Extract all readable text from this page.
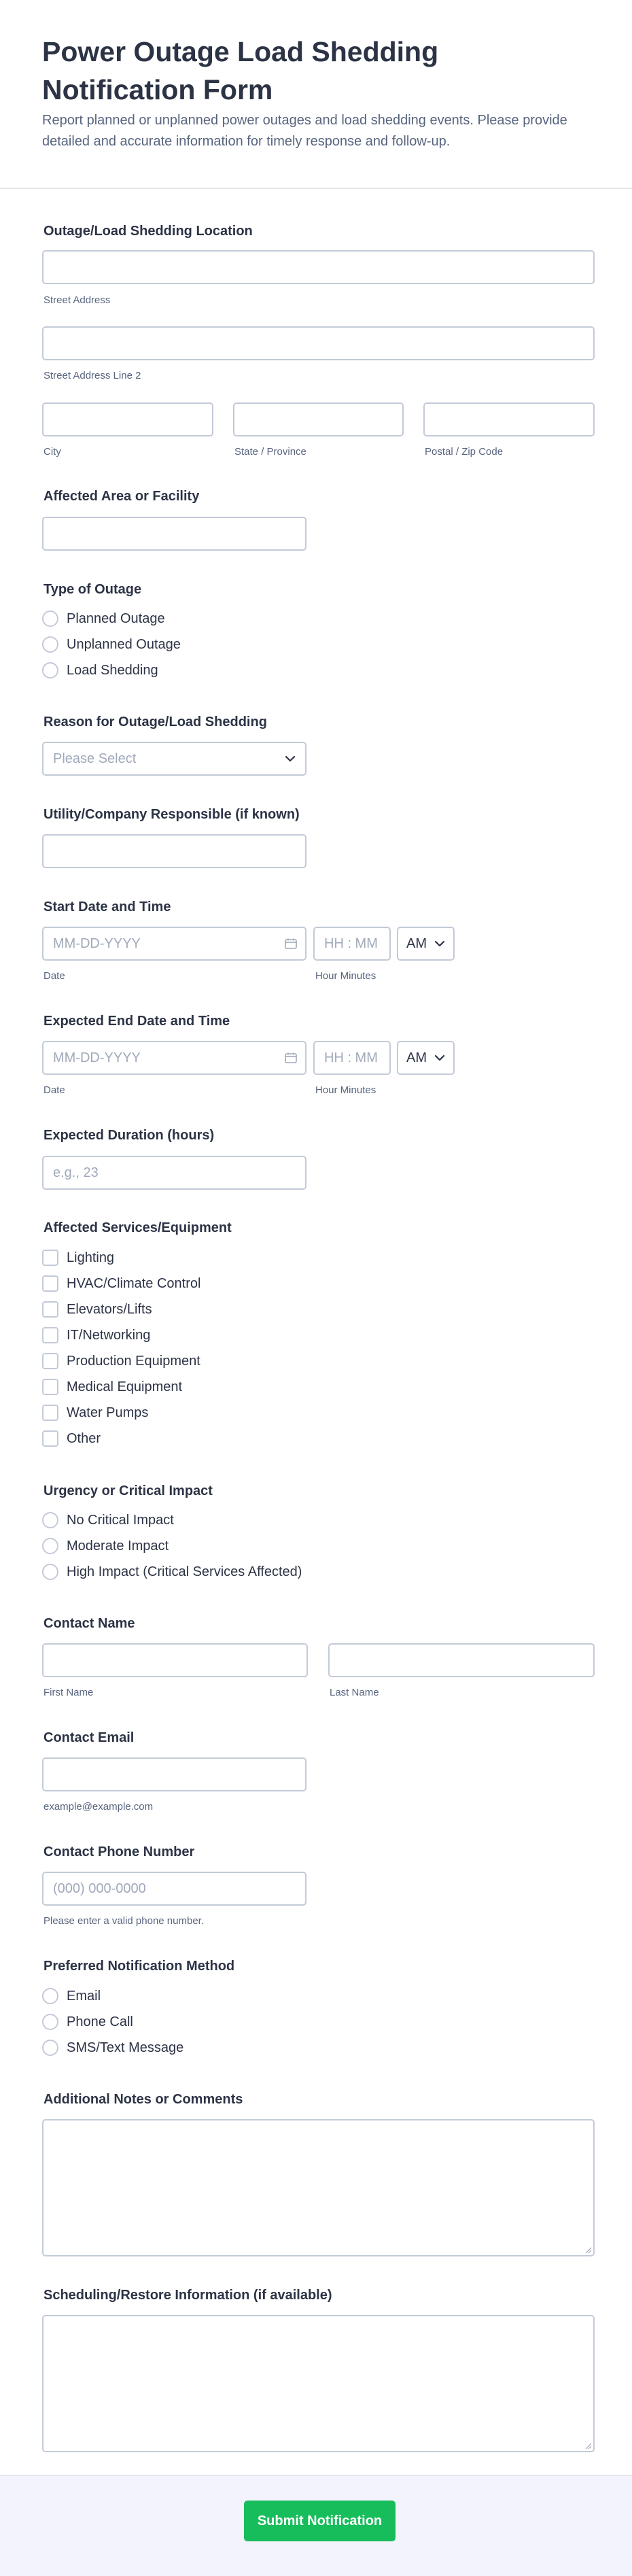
Power Outage Load Shedding Notification Form
Report planned or unplanned power outages and load shedding events. Please provide detailed and accurate information for timely response and follow-up.
Outage/Load Shedding Location
Street Address
Street Address Line 2
City	State / Province	Postal / Zip Code
Affected Area or Facility
Type of Outage
Planned Outage
Unplanned Outage
Load Shedding
Reason for Outage/Load Shedding
Please Select
Utility/Company Responsible (if known)
Start Date and Time
MM-DD-YYYY
HH : MM
AM
Date	Hour Minutes
Expected End Date and Time
MM-DD-YYYY
HH : MM
AM
Date	Hour Minutes
Expected Duration (hours)
e.g., 23
Affected Services/Equipment
Lighting
HVAC/Climate Control
Elevators/Lifts
IT/Networking
Production Equipment
Medical Equipment
Water Pumps
Other
Urgency or Critical Impact
No Critical Impact
Moderate Impact
High Impact (Critical Services Affected)
Contact Name
First Name	Last Name
Contact Email
example@example.com
Contact Phone Number
(000) 000-0000
Please enter a valid phone number.
Preferred Notification Method
Email
Phone Call
SMS/Text Message
Additional Notes or Comments
Scheduling/Restore Information (if available)
Submit Notification
